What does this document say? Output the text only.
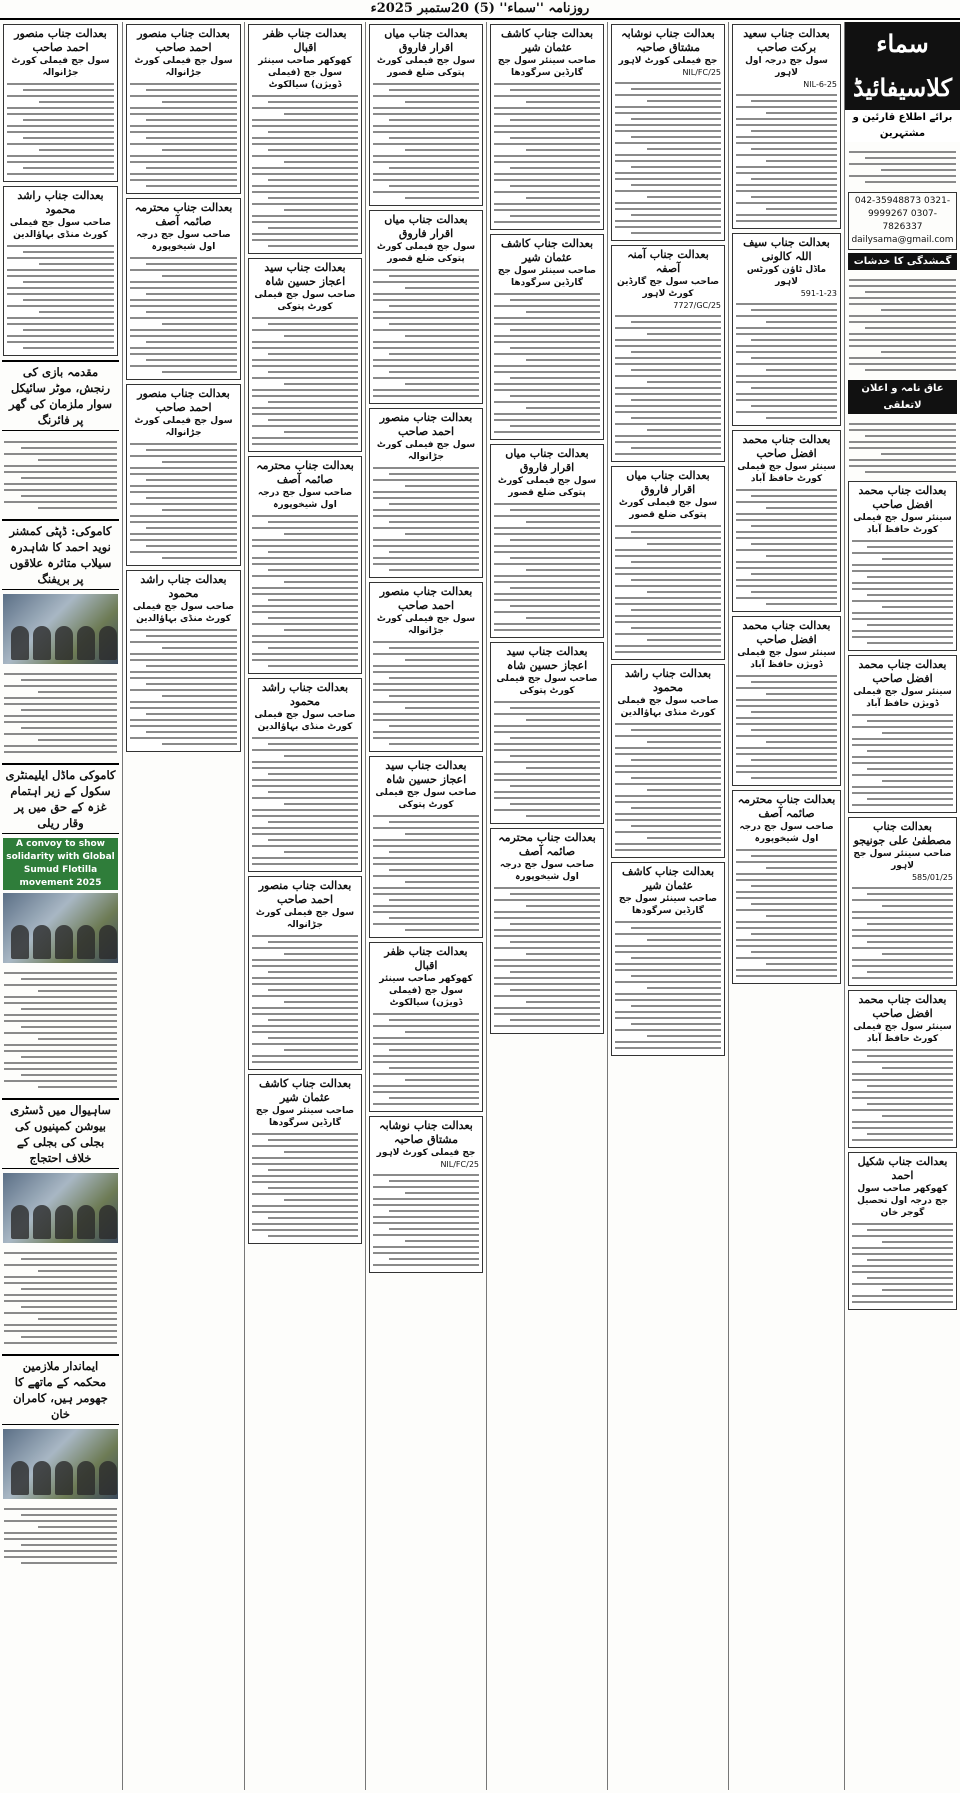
روزنامہ ''سماء'' (5) 20ستمبر 2025ء
سماء کلاسیفائیڈ
برائے اطلاع قارئین و مشتہرین
042-35948873 0321-9999267 0307-7826337
dailysama@gmail.com
گمشدگی کا خدشات
عاق نامہ و اعلان لاتعلقی
بعدالت جناب محمد افضل صاحب
سینئر سول جج فیملی کورٹ حافظ آباد
بعدالت جناب محمد افضل صاحب
سینئر سول جج فیملی ڈویژن حافظ آباد
بعدالت جناب مصطفیٰ علی جونیجو
صاحب سینئر سول جج لاہور
585/01/25
بعدالت جناب محمد افضل صاحب
سینئر سول جج فیملی کورٹ حافظ آباد
بعدالت جناب شکیل احمد
کھوکھر صاحب سول جج درجہ اول تحصیل گوجر خان
بعدالت جناب سعید برکت صاحب
سول جج درجہ اول لاہور
NIL-6-25
بعدالت جناب سیف اللہ کالونی
ماڈل ٹاؤن کورٹس لاہور
591-1-23
بعدالت جناب محمد افضل صاحب
سینئر سول جج فیملی کورٹ حافظ آباد
بعدالت جناب محمد افضل صاحب
سینئر سول جج فیملی ڈویژن حافظ آباد
بعدالت جناب محترمہ صائمہ آصف
صاحب سول جج درجہ اول شیخوپورہ
بعدالت جناب نوشابہ مشتاق صاحبہ
جج فیملی کورٹ لاہور
NIL/FC/25
بعدالت جناب آمنہ آصفہ
صاحب سول جج گارڈین کورٹ لاہور
7727/GC/25
بعدالت جناب میاں اقرار فاروق
سول جج فیملی کورٹ پتوکی ضلع قصور
بعدالت جناب راشد محمود
صاحب سول جج فیملی کورٹ منڈی بہاؤالدین
بعدالت جناب کاشف عثمان شیر
صاحب سینئر سول جج گارڈین سرگودھا
بعدالت جناب کاشف عثمان شیر
صاحب سینئر سول جج گارڈین سرگودھا
بعدالت جناب کاشف عثمان شیر
صاحب سینئر سول جج گارڈین سرگودھا
بعدالت جناب میاں اقرار فاروق
سول جج فیملی کورٹ پتوکی ضلع قصور
بعدالت جناب سید اعجاز حسین شاہ
صاحب سول جج فیملی کورٹ پتوکی
بعدالت جناب محترمہ صائمہ آصف
صاحب سول جج درجہ اول شیخوپورہ
بعدالت جناب میاں اقرار فاروق
سول جج فیملی کورٹ پتوکی ضلع قصور
بعدالت جناب میاں اقرار فاروق
سول جج فیملی کورٹ پتوکی ضلع قصور
بعدالت جناب منصور احمد صاحب
سول جج فیملی کورٹ جڑانوالہ
بعدالت جناب منصور احمد صاحب
سول جج فیملی کورٹ جڑانوالہ
بعدالت جناب سید اعجاز حسین شاہ
صاحب سول جج فیملی کورٹ پتوکی
بعدالت جناب ظفر اقبال
کھوکھر صاحب سینئر سول جج (فیملی ڈویژن) سیالکوٹ
بعدالت جناب نوشابہ مشتاق صاحبہ
جج فیملی کورٹ لاہور
NIL/FC/25
بعدالت جناب ظفر اقبال
کھوکھر صاحب سینئر سول جج (فیملی ڈویژن) سیالکوٹ
بعدالت جناب سید اعجاز حسین شاہ
صاحب سول جج فیملی کورٹ پتوکی
بعدالت جناب محترمہ صائمہ آصف
صاحب سول جج درجہ اول شیخوپورہ
بعدالت جناب راشد محمود
صاحب سول جج فیملی کورٹ منڈی بہاؤالدین
بعدالت جناب منصور احمد صاحب
سول جج فیملی کورٹ جڑانوالہ
بعدالت جناب کاشف عثمان شیر
صاحب سینئر سول جج گارڈین سرگودھا
بعدالت جناب منصور احمد صاحب
سول جج فیملی کورٹ جڑانوالہ
بعدالت جناب محترمہ صائمہ آصف
صاحب سول جج درجہ اول شیخوپورہ
بعدالت جناب منصور احمد صاحب
سول جج فیملی کورٹ جڑانوالہ
بعدالت جناب راشد محمود
صاحب سول جج فیملی کورٹ منڈی بہاؤالدین
بعدالت جناب منصور احمد صاحب
سول جج فیملی کورٹ جڑانوالہ
بعدالت جناب راشد محمود
صاحب سول جج فیملی کورٹ منڈی بہاؤالدین
مقدمہ بازی کی رنجش، موٹر سائیکل سوار ملزمان کی گھر پر فائرنگ
کاموکی: ڈپٹی کمشنر نوید احمد کا شاہدرہ سیلاب متاثرہ علاقوں پر بریفنگ
کاموکی ماڈل ایلیمنٹری سکول کے زیر اہتمام غزہ کے حق میں پر وقار ریلی
A convoy to show solidarity with Global Sumud Flotilla movement 2025
ساہیوال میں ڈسٹری بیوشن کمپنیوں کی بجلی کی بجلی کے خلاف احتجاج
ایماندار ملازمین محکمہ کے ماتھے کا جھومر ہیں، کامران خان
